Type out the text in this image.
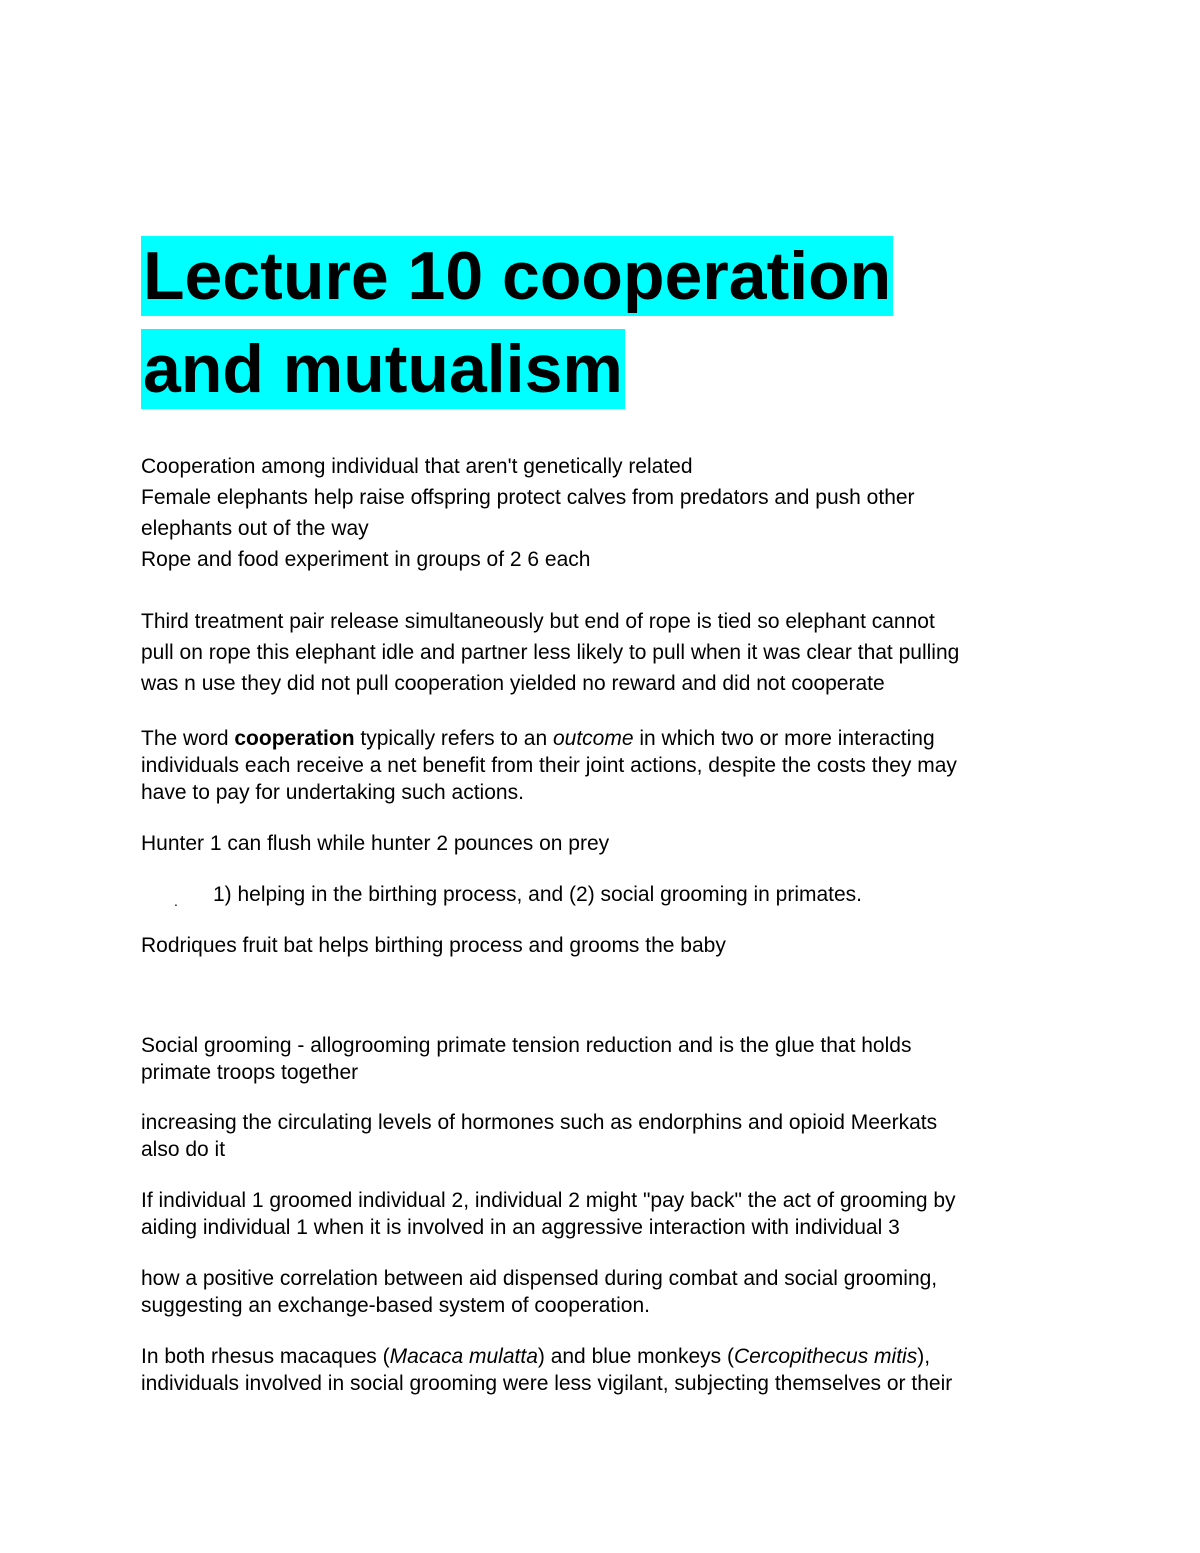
Lecture 10 cooperation
and mutualism

Cooperation among individual that aren't genetically related

Female elephants help raise offspring protect calves from predators and push other
elephants out of the way

Rope and food experiment in groups of 2 6 each

Third treatment pair release simultaneously but end of rope is tied so elephant cannot
pull on rope this elephant idle and partner less likely to pull when it was clear that pulling
was n use they did not pull cooperation yielded no reward and did not cooperate

The word cooperation typically refers to an outcome in which two or more interacting
individuals each receive a net benefit from their joint actions, despite the costs they may
have to pay for undertaking such actions.

Hunter 1 can flush while hunter 2 pounces on prey

. 1) helping in the birthing process, and (2) social grooming in primates.

Rodriques fruit bat helps birthing process and grooms the baby

Social grooming - allogrooming primate tension reduction and is the glue that holds
primate troops together

increasing the circulating levels of hormones such as endorphins and opioid Meerkats
also do it

If individual 1 groomed individual 2, individual 2 might "pay back" the act of grooming by
aiding individual 1 when it is involved in an aggressive interaction with individual 3

how a positive correlation between aid dispensed during combat and social grooming,
suggesting an exchange-based system of cooperation.

In both rhesus macaques (Macaca mulatta) and blue monkeys (Cercopithecus mitis),
individuals involved in social grooming were less vigilant, subjecting themselves or their
